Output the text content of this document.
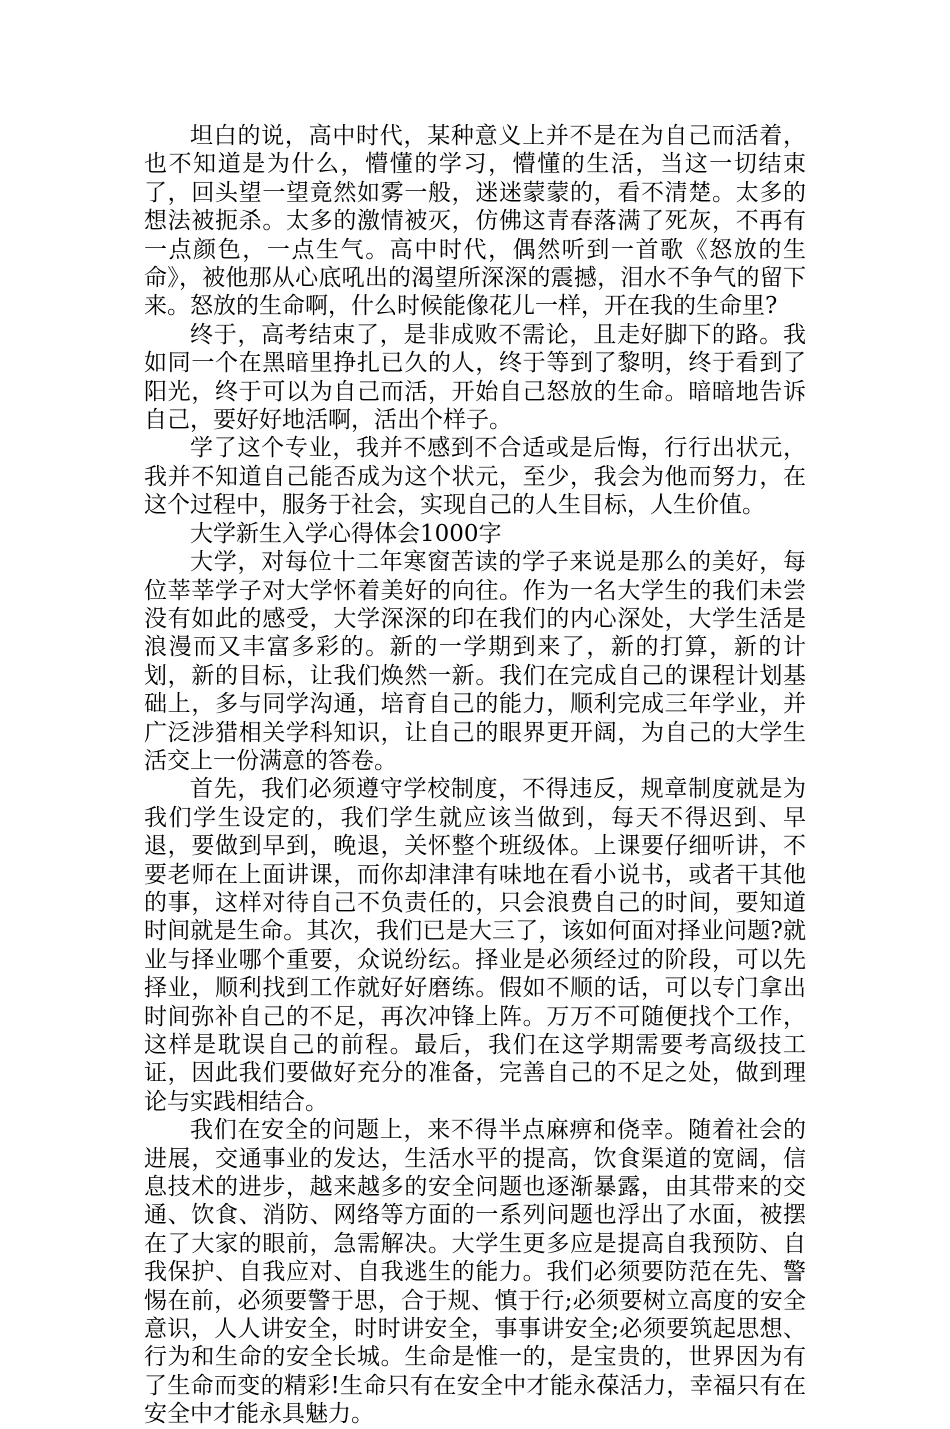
坦白的说，高中时代，某种意义上并不是在为自己而活着，也不知道是为什么，懵懂的学习，懵懂的生活，当这一切结束了，回头望一望竟然如雾一般，迷迷蒙蒙的，看不清楚。太多的想法被扼杀。太多的激情被灭，仿佛这青春落满了死灰，不再有一点颜色，一点生气。高中时代，偶然听到一首歌《怒放的生命》，被他那从心底吼出的渴望所深深的震撼，泪水不争气的留下来。怒放的生命啊，什么时候能像花儿一样，开在我的生命里?

终于，高考结束了，是非成败不需论，且走好脚下的路。我如同一个在黑暗里挣扎已久的人，终于等到了黎明，终于看到了阳光，终于可以为自己而活，开始自己怒放的生命。暗暗地告诉自己，要好好地活啊，活出个样子。

学了这个专业，我并不感到不合适或是后悔，行行出状元，我并不知道自己能否成为这个状元，至少，我会为他而努力，在这个过程中，服务于社会，实现自己的人生目标，人生价值。

大学新生入学心得体会1000字

大学，对每位十二年寒窗苦读的学子来说是那么的美好，每位莘莘学子对大学怀着美好的向往。作为一名大学生的我们未尝没有如此的感受，大学深深的印在我们的内心深处，大学生活是浪漫而又丰富多彩的。新的一学期到来了，新的打算，新的计划，新的目标，让我们焕然一新。我们在完成自己的课程计划基础上，多与同学沟通，培育自己的能力，顺利完成三年学业，并广泛涉猎相关学科知识，让自己的眼界更开阔，为自己的大学生活交上一份满意的答卷。

首先，我们必须遵守学校制度，不得违反，规章制度就是为我们学生设定的，我们学生就应该当做到，每天不得迟到、早退，要做到早到，晚退，关怀整个班级体。上课要仔细听讲，不要老师在上面讲课，而你却津津有味地在看小说书，或者干其他的事，这样对待自己不负责任的，只会浪费自己的时间，要知道时间就是生命。其次，我们已是大三了，该如何面对择业问题?就业与择业哪个重要，众说纷纭。择业是必须经过的阶段，可以先择业，顺利找到工作就好好磨练。假如不顺的话，可以专门拿出时间弥补自己的不足，再次冲锋上阵。万万不可随便找个工作，这样是耽误自己的前程。最后，我们在这学期需要考高级技工证，因此我们要做好充分的准备，完善自己的不足之处，做到理论与实践相结合。

我们在安全的问题上，来不得半点麻痹和侥幸。随着社会的进展，交通事业的发达，生活水平的提高，饮食渠道的宽阔，信息技术的进步，越来越多的安全问题也逐渐暴露，由其带来的交通、饮食、消防、网络等方面的一系列问题也浮出了水面，被摆在了大家的眼前，急需解决。大学生更多应是提高自我预防、自我保护、自我应对、自我逃生的能力。我们必须要防范在先、警惕在前，必须要警于思，合于规、慎于行;必须要树立高度的安全意识，人人讲安全，时时讲安全，事事讲安全;必须要筑起思想、行为和生命的安全长城。生命是惟一的，是宝贵的，世界因为有了生命而变的精彩!生命只有在安全中才能永葆活力，幸福只有在安全中才能永具魅力。
